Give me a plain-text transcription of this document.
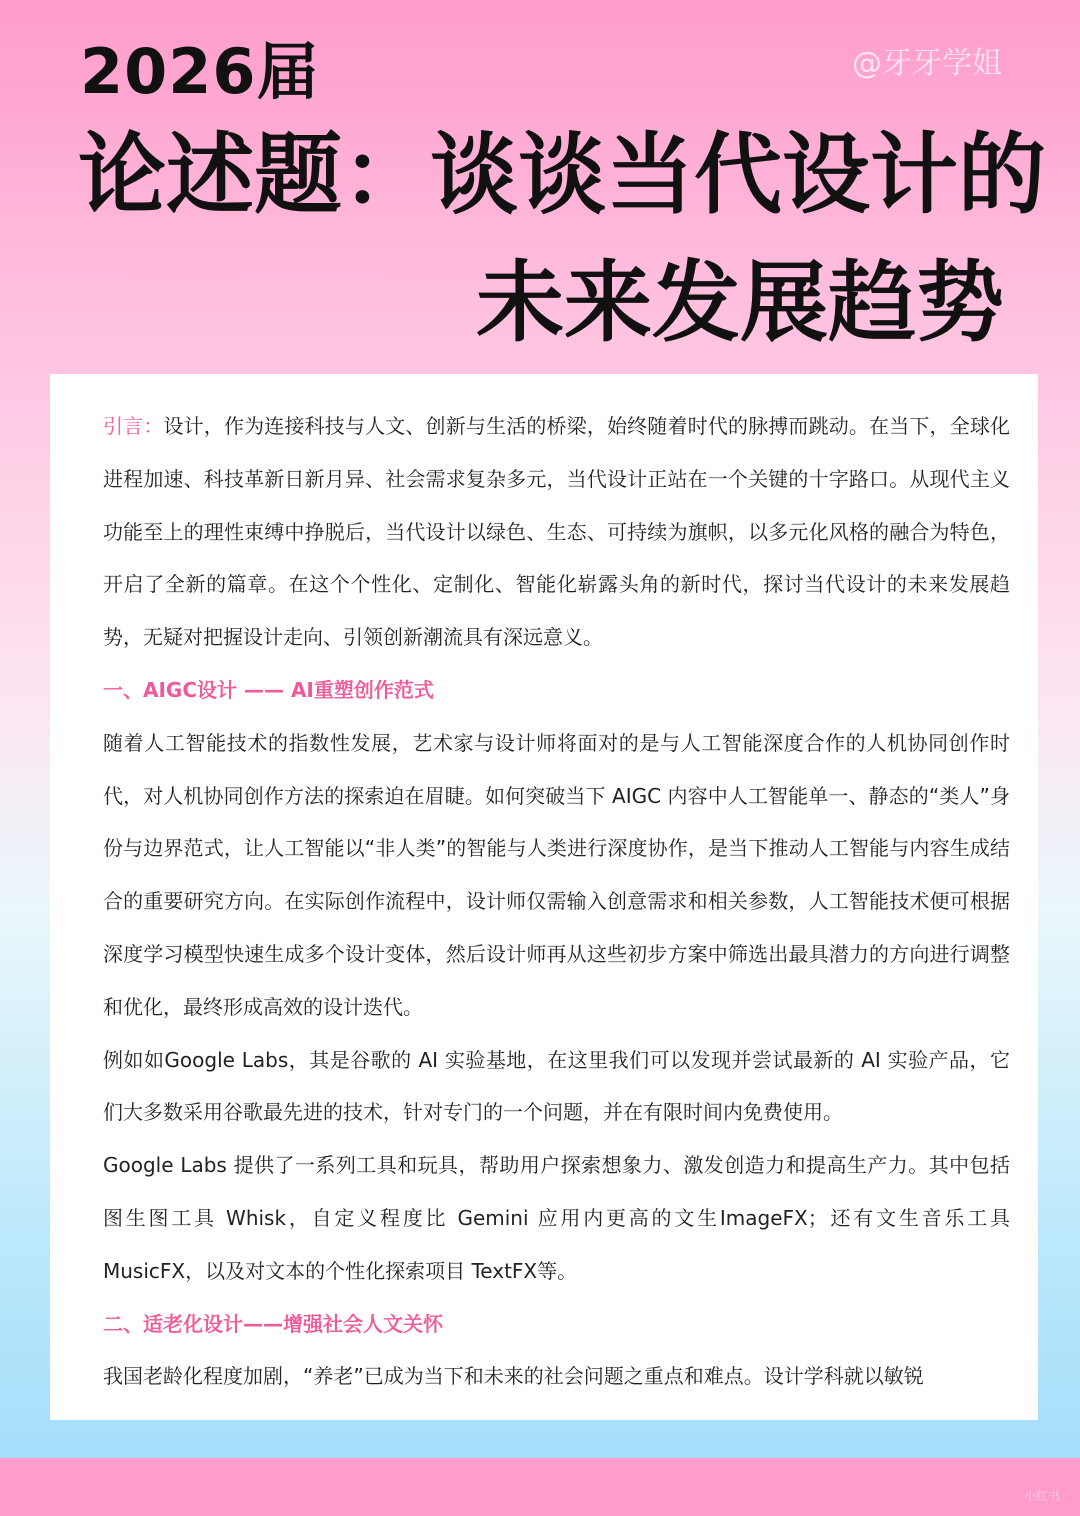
2026届	@牙牙学姐
论述题：谈谈当代设计的
未来发展趋势

引言：设计，作为连接科技与人文、创新与生活的桥梁，始终随着时代的脉搏而跳动。在当下，全球化进程加速、科技革新日新月异、社会需求复杂多元，当代设计正站在一个关键的十字路口。从现代主义功能至上的理性束缚中挣脱后，当代设计以绿色、生态、可持续为旗帜，以多元化风格的融合为特色，开启了全新的篇章。在这个个性化、定制化、智能化崭露头角的新时代，探讨当代设计的未来发展趋势，无疑对把握设计走向、引领创新潮流具有深远意义。

一、AIGC设计 —— AI重塑创作范式

随着人工智能技术的指数性发展，艺术家与设计师将面对的是与人工智能深度合作的人机协同创作时代，对人机协同创作方法的探索迫在眉睫。如何突破当下 AIGC 内容中人工智能单一、静态的“类人”身份与边界范式，让人工智能以“非人类”的智能与人类进行深度协作，是当下推动人工智能与内容生成结合的重要研究方向。在实际创作流程中，设计师仅需输入创意需求和相关参数，人工智能技术便可根据深度学习模型快速生成多个设计变体，然后设计师再从这些初步方案中筛选出最具潜力的方向进行调整和优化，最终形成高效的设计迭代。

例如如Google Labs，其是谷歌的 AI 实验基地，在这里我们可以发现并尝试最新的 AI 实验产品，它们大多数采用谷歌最先进的技术，针对专门的一个问题，并在有限时间内免费使用。

Google Labs 提供了一系列工具和玩具，帮助用户探索想象力、激发创造力和提高生产力。其中包括图生图工具 Whisk，自定义程度比 Gemini 应用内更高的文生ImageFX；还有文生音乐工具 MusicFX，以及对文本的个性化探索项目 TextFX等。

二、适老化设计——增强社会人文关怀

我国老龄化程度加剧，“养老”已成为当下和未来的社会问题之重点和难点。设计学科就以敏锐

小红书
